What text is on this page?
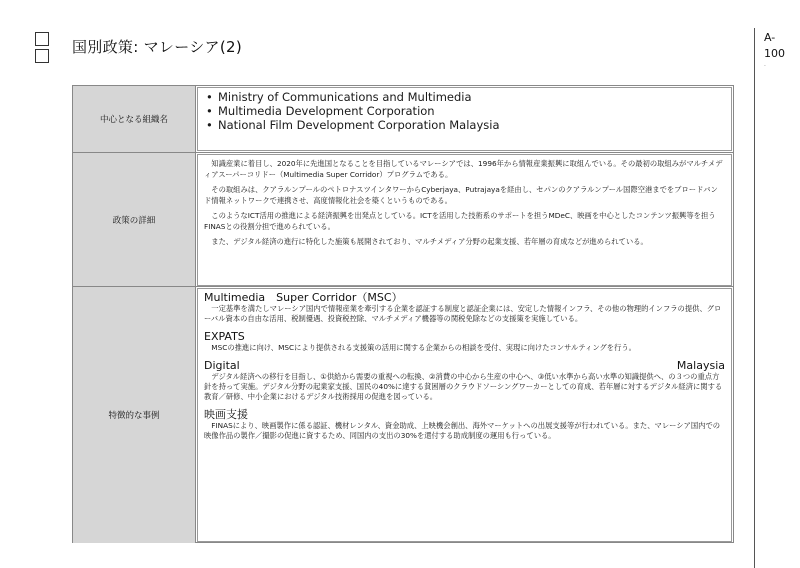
国別政策: マレーシア(2)
A-
100
.
中心となる組織名
• Ministry of Communications and Multimedia
• Multimedia Development Corporation
• National Film Development Corporation Malaysia
政策の詳細

知識産業に着目し、2020年に先進国となることを目指しているマレーシアでは、1996年から情報産業振興に取組んでいる。その最初の取組みがマルチメディアスーパーコリドー（Multimedia Super Corridor）プログラムである。

その取組みは、クアラルンプールのペトロナスツインタワーからCyberjaya、Putrajayaを経由し、セパンのクアラルンプール国際空港までをブロードバンド情報ネットワークで連携させ、高度情報化社会を築くというものである。

このようなICT活用の推進による経済振興を出発点としている。ICTを活用した技術系のサポートを担うMDeC、映画を中心としたコンテンツ振興等を担うFINASとの役割分担で進められている。

また、デジタル経済の進行に特化した施策も展開されており、マルチメディア分野の起業支援、若年層の育成などが進められている。

特徴的な事例

Multimedia　Super Corridor（MSC）

一定基準を満たしマレーシア国内で情報産業を牽引する企業を認証する制度と認証企業には、安定した情報インフラ、その他の物理的インフラの提供、グローバル資本の自由な活用、税制優遇、投資税控除、マルチメディア機器等の関税免除などの支援策を実施している。

EXPATS

MSCの推進に向け、MSCにより提供される支援策の活用に関する企業からの相談を受付、実現に向けたコンサルティングを行う。

Digital	Malaysia

デジタル経済への移行を目指し、①供給から需要の重視への転換、②消費の中心から生産の中心へ、③低い水準から高い水準の知識提供へ、の３つの重点方針を持って実施。デジタル分野の起業家支援、国民の40%に達する貧困層のクラウドソーシングワーカーとしての育成、若年層に対するデジタル経済に関する教育／研修、中小企業におけるデジタル技術採用の促進を図っている。

映画支援

FINASにより、映画製作に係る認証、機材レンタル、資金助成、上映機会創出、海外マーケットへの出展支援等が行われている。また、マレーシア国内での映像作品の製作／撮影の促進に資するため、同国内の支出の30%を還付する助成制度の運用も行っている。
